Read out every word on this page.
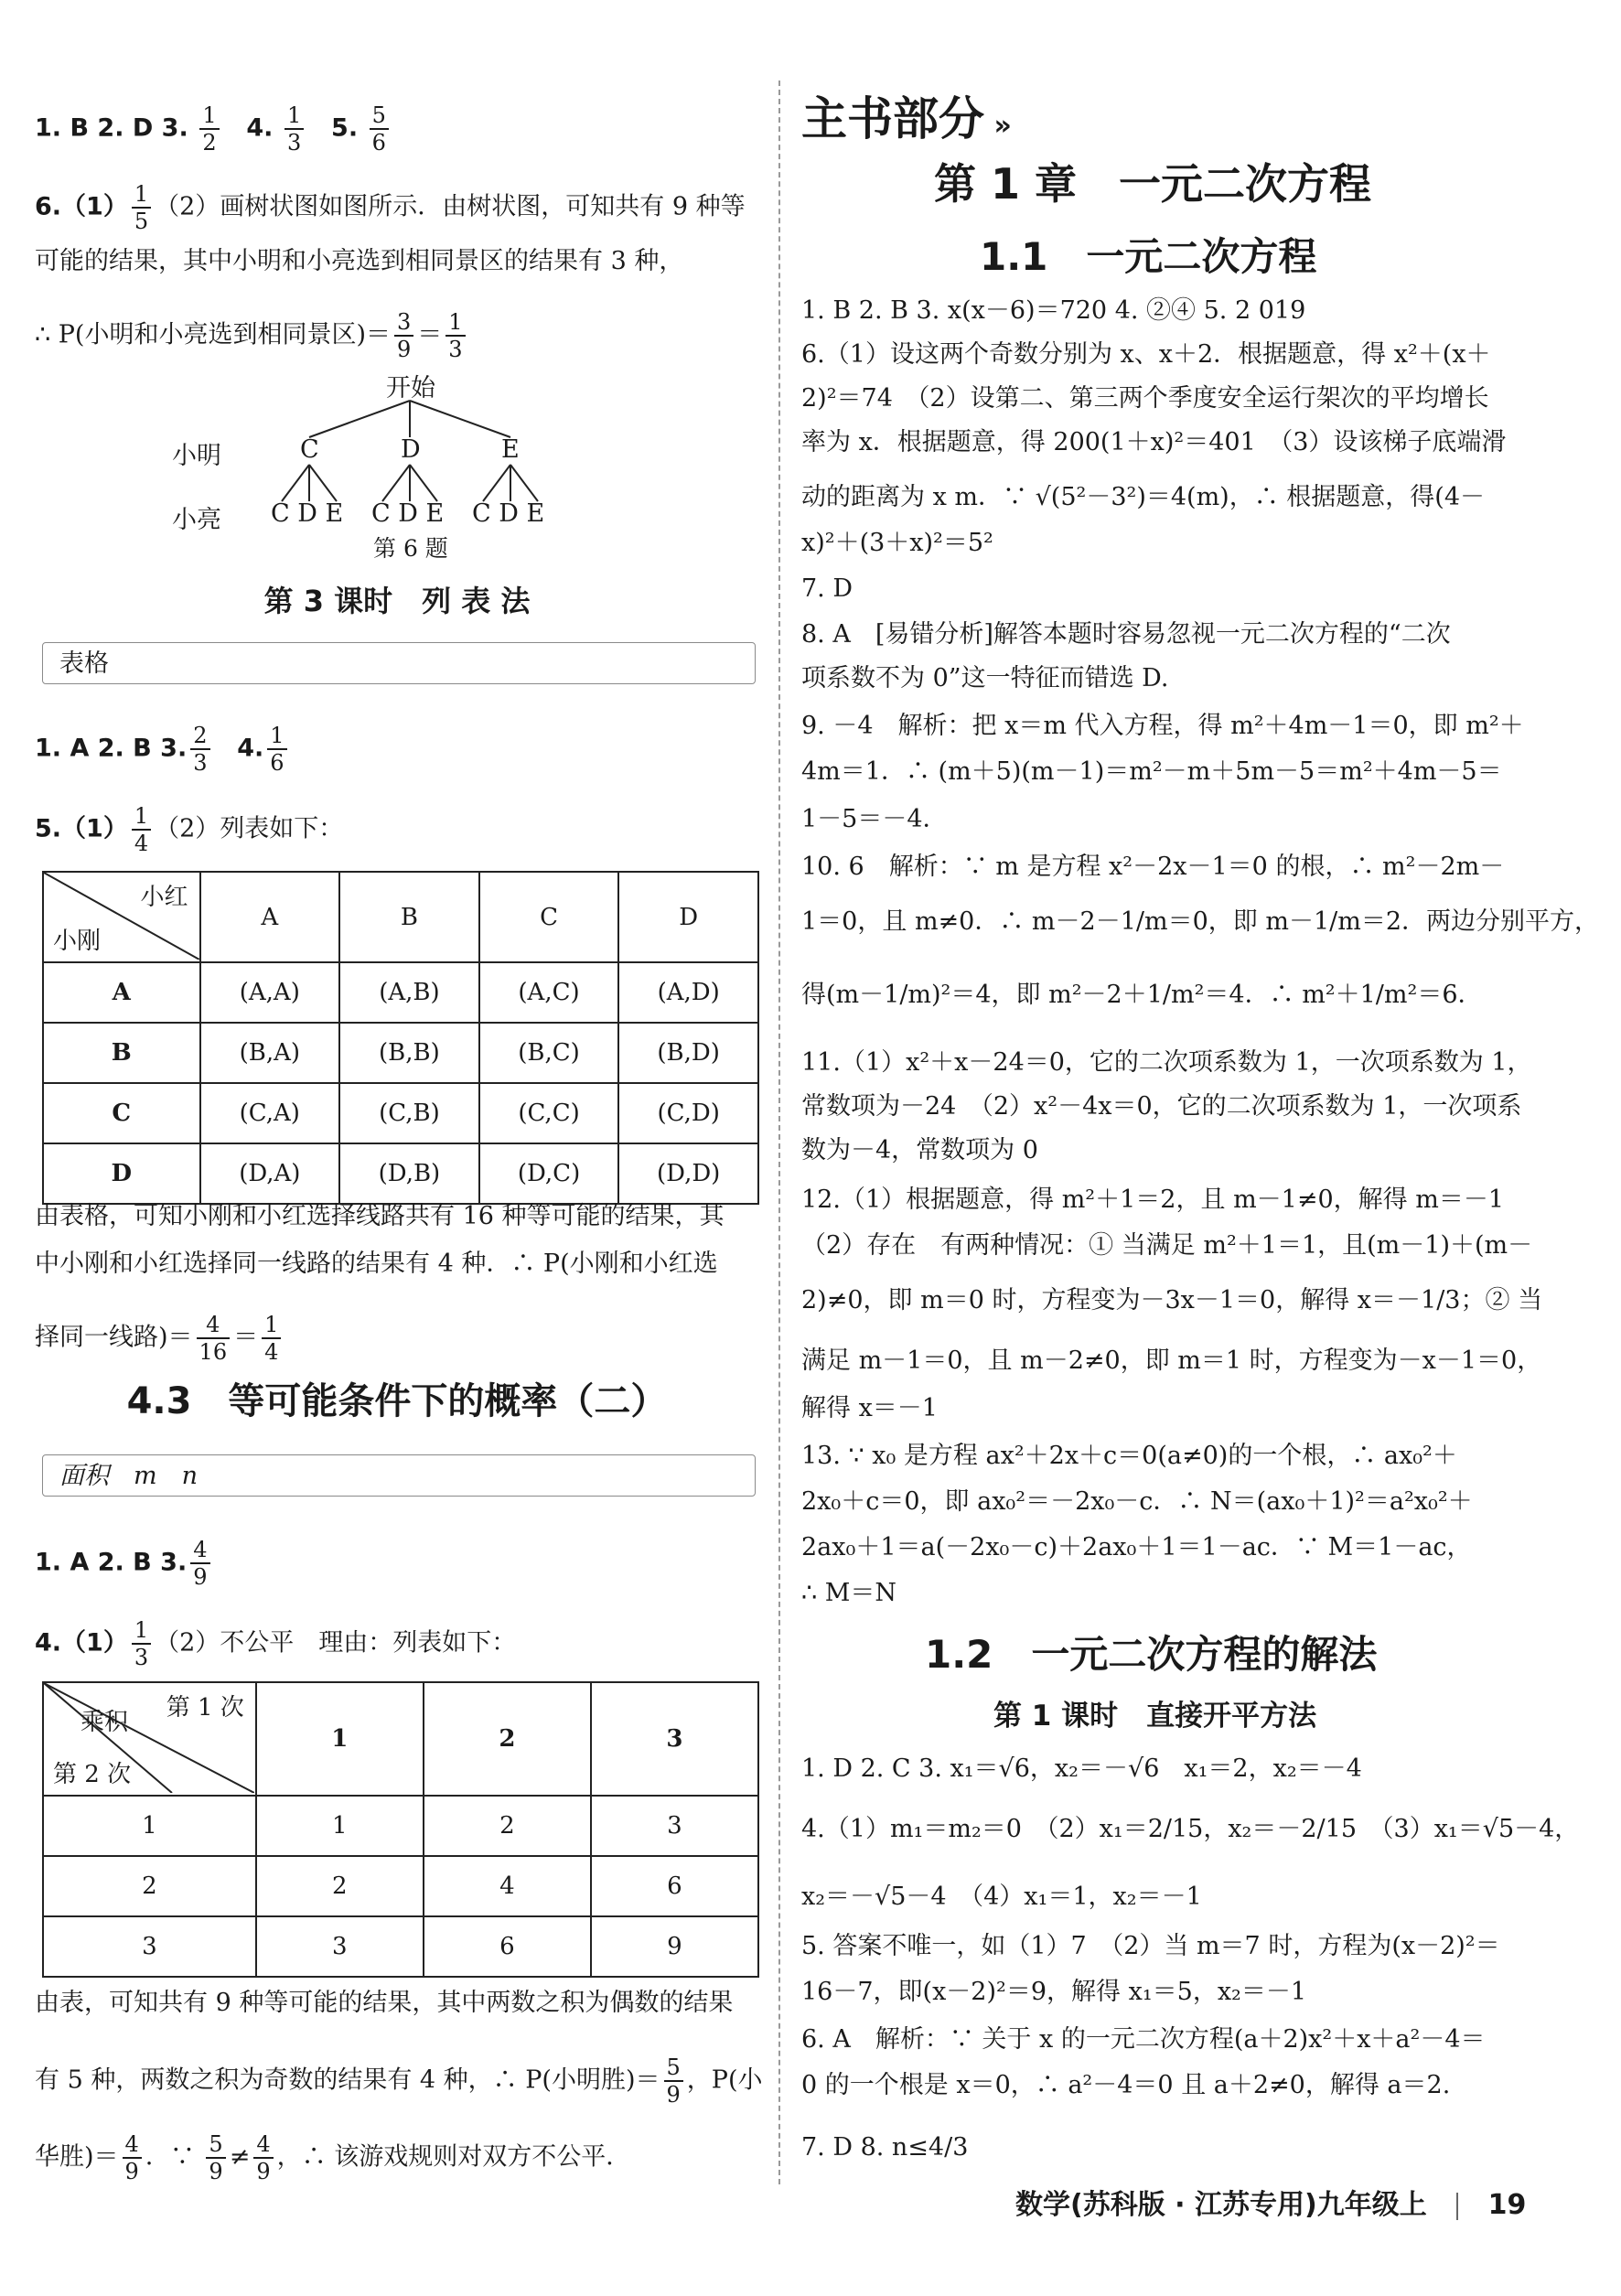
1. B 2. D 3. $\frac{1}{2} 4$. $\frac{1}{3} 5$. $\frac{5}{6}$
$6.(1) \frac{1}{5} (2)$画树状图如图所示．由树状图，可知共有 9 种等
可能的结果，其中小明和小亮选到相同景区的结果有 3 种，
∴ P(小明和小亮选到相同景区)＝ $\frac{3}{9} = \frac{1}{3}$
开始
小明	C	D	E
小亮 C D E C D E C D E
第 6 题
第 3 课时　列 表 法
表格
1. A 2. B 3. $\frac{2}{3} 4$. $\frac{1}{6}$
$5.(1) \frac{1}{4} (2)$列表如下：
小红
小刚	A	B	C	D
A	(A,A)	(A,B)	(A,C)	(A,D)
B	(B,A)	(B,B)	(B,C)	(B,D)
C	(C,A)	(C,B)	(C,C)	(C,D)
D	(D,A)	(D,B)	(D,C)	(D,D)
由表格，可知小刚和小红选择线路共有 16 种等可能的结果，其
中小刚和小红选择同一线路的结果有 4 种．∴ P(小刚和小红选
择同一线路)＝ $\frac{4}{16} = \frac{1}{4}$
4.3　等可能条件下的概率（二）
面积　m　n
1. A 2. B 3. $\frac{4}{9}$
$4.(1) \frac{1}{3} (2)$不公平　理由：列表如下：
第 1 次
乘积
第 2 次	1	2	3
1	1	2	3
2	2	4	6
3	3	6	9
由表，可知共有 9 种等可能的结果，其中两数之积为偶数的结果
有 5 种，两数之积为奇数的结果有 4 种，∴ P(小明胜)＝ $\frac{5}{9}$ ，P(小
华胜)＝ $\frac{4}{9}$ ．∵ $\frac{5}{9} \ne \frac{4}{9}$ ，∴ 该游戏规则对双方不公平．
主书部分 »
第 1 章　一元二次方程
1.1　一元二次方程
1. B 2. B 3. x(x－6)＝720 4. ②④ 5. 2 019
6.（1）设这两个奇数分别为 x、x＋2．根据题意，得 x²＋(x＋
2)²＝74　（2）设第二、第三两个季度安全运行架次的平均增长
率为 x．根据题意，得 200(1＋x)²＝401　（3）设该梯子底端滑
动的距离为 x m．∵ √(5²－3²)＝4(m)，∴ 根据题意，得(4－
x)²＋(3＋x)²＝5²
7. D
8. A　[易错分析]解答本题时容易忽视一元二次方程的“二次
项系数不为 0”这一特征而错选 D.
9. －4　解析：把 x＝m 代入方程，得 m²＋4m－1＝0，即 m²＋
4m＝1．∴ (m＋5)(m－1)＝m²－m＋5m－5＝m²＋4m－5＝
1－5＝－4．
10. 6　解析：∵ m 是方程 x²－2x－1＝0 的根，∴ m²－2m－
1＝0，且 m≠0．∴ m－2－1/m＝0，即 m－1/m＝2．两边分别平方，
得(m－1/m)²＝4，即 m²－2＋1/m²＝4．∴ m²＋1/m²＝6．
11.（1）x²＋x－24＝0，它的二次项系数为 1，一次项系数为 1，
常数项为－24　（2）x²－4x＝0，它的二次项系数为 1，一次项系
数为－4，常数项为 0
12.（1）根据题意，得 m²＋1＝2，且 m－1≠0，解得 m＝－1
（2）存在　有两种情况：① 当满足 m²＋1＝1，且(m－1)＋(m－
2)≠0，即 m＝0 时，方程变为－3x－1＝0，解得 x＝－1/3；② 当
满足 m－1＝0，且 m－2≠0，即 m＝1 时，方程变为－x－1＝0，
解得 x＝－1
13. ∵ x₀ 是方程 ax²＋2x＋c＝0(a≠0)的一个根，∴ ax₀²＋
2x₀＋c＝0，即 ax₀²＝－2x₀－c．∴ N＝(ax₀＋1)²＝a²x₀²＋
2ax₀＋1＝a(－2x₀－c)＋2ax₀＋1＝1－ac．∵ M＝1－ac，
∴ M＝N
1.2　一元二次方程的解法
第 1 课时　直接开平方法
1. D 2. C 3. x₁＝√6，x₂＝－√6　x₁＝2，x₂＝－4
4.（1）m₁＝m₂＝0　（2）x₁＝2/15，x₂＝－2/15　（3）x₁＝√5－4，
x₂＝－√5－4　（4）x₁＝1，x₂＝－1
5. 答案不唯一，如（1）7　（2）当 m＝7 时，方程为(x－2)²＝
16－7，即(x－2)²＝9，解得 x₁＝5，x₂＝－1
6. A　解析：∵ 关于 x 的一元二次方程(a＋2)x²＋x＋a²－4＝
0 的一个根是 x＝0，∴ a²－4＝0 且 a＋2≠0，解得 a＝2.
7. D 8. n≤4/3
数学(苏科版 · 江苏专用)九年级上 19
